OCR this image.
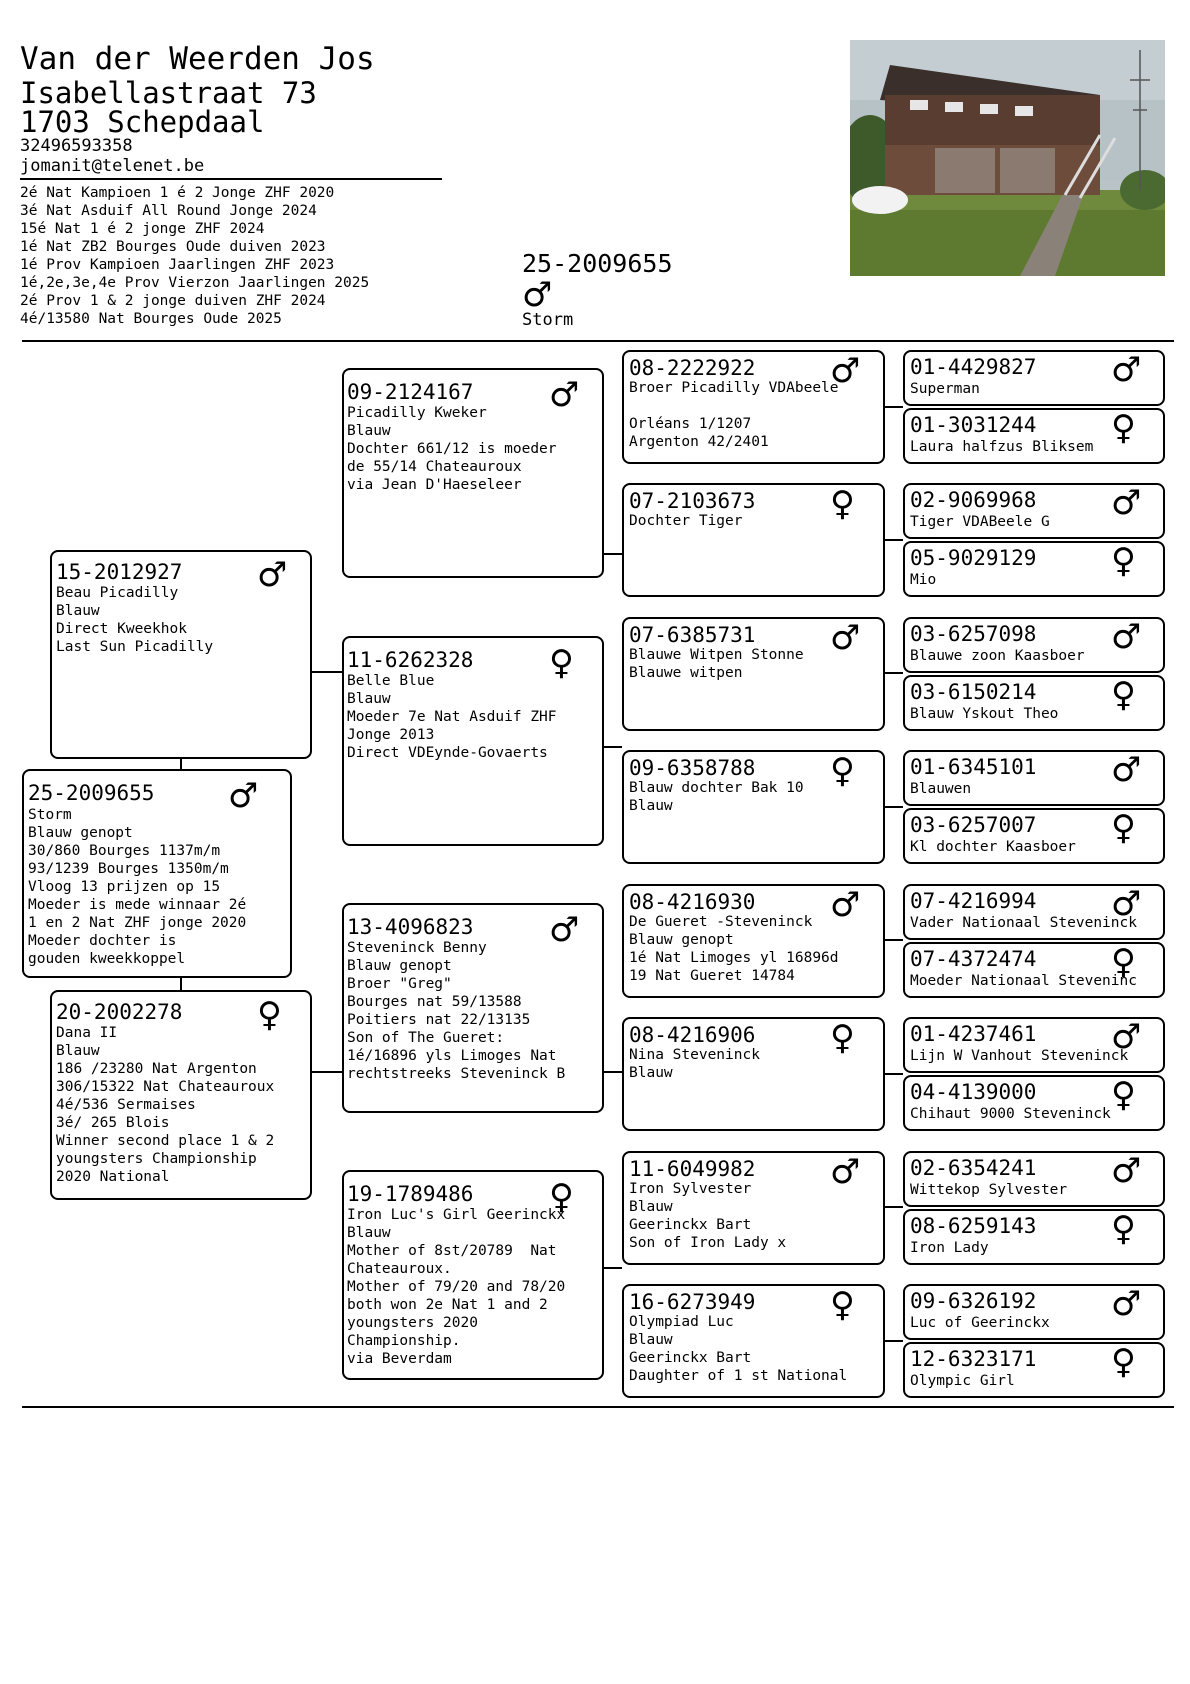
Van der Weerden Jos
Isabellastraat 73
1703 Schepdaal
32496593358
jomanit@telenet.be
2é Nat Kampioen 1 é 2 Jonge ZHF 2020
3é Nat Asduif All Round Jonge 2024
15é Nat 1 é 2 jonge ZHF 2024
1é Nat ZB2 Bourges Oude duiven 2023
1é Prov Kampioen Jaarlingen ZHF 2023
1é,2e,3e,4e Prov Vierzon Jaarlingen 2025
2é Prov 1 & 2 jonge duiven ZHF 2024
4é/13580 Nat Bourges Oude 2025
25-2009655
♂
Storm
25-2009655 ♂
Storm
Blauw genopt
30/860 Bourges 1137m/m
93/1239 Bourges 1350m/m
Vloog 13 prijzen op 15
Moeder is mede winnaar 2é
1 en 2 Nat ZHF jonge 2020
Moeder dochter is
gouden kweekkoppel
15-2012927 ♂
Beau Picadilly
Blauw
Direct Kweekhok
Last Sun Picadilly
20-2002278 ♀
Dana II
Blauw
186 /23280 Nat Argenton
306/15322 Nat Chateauroux
4é/536 Sermaises
3é/ 265 Blois
Winner second place 1 & 2
youngsters Championship
2020 National
09-2124167 ♂
Picadilly Kweker
Blauw
Dochter 661/12 is moeder
de 55/14 Chateauroux
via Jean D'Haeseleer
11-6262328 ♀
Belle Blue
Blauw
Moeder 7e Nat Asduif ZHF
Jonge 2013
Direct VDEynde-Govaerts
13-4096823 ♂
Steveninck Benny
Blauw genopt
Broer "Greg"
Bourges nat 59/13588
Poitiers nat 22/13135
Son of The Gueret:
1é/16896 yls Limoges Nat
rechtstreeks Steveninck B
19-1789486 ♀
Iron Luc's Girl Geerinckx
Blauw
Mother of 8st/20789  Nat
Chateauroux.
Mother of 79/20 and 78/20
both won 2e Nat 1 and 2
youngsters 2020
Championship.
via Beverdam
08-2222922 ♂
Broer Picadilly VDAbeele

Orléans 1/1207
Argenton 42/2401
07-2103673 ♀
Dochter Tiger
07-6385731 ♂
Blauwe Witpen Stonne
Blauwe witpen
09-6358788 ♀
Blauw dochter Bak 10
Blauw
08-4216930 ♂
De Gueret -Steveninck
Blauw genopt
1é Nat Limoges yl 16896d
19 Nat Gueret 14784
08-4216906 ♀
Nina Steveninck
Blauw
11-6049982 ♂
Iron Sylvester
Blauw
Geerinckx Bart
Son of Iron Lady x
16-6273949 ♀
Olympiad Luc
Blauw
Geerinckx Bart
Daughter of 1 st National
01-4429827 ♂
Superman
01-3031244 ♀
Laura halfzus Bliksem
02-9069968 ♂
Tiger VDABeele G
05-9029129 ♀
Mio
03-6257098 ♂
Blauwe zoon Kaasboer
03-6150214 ♀
Blauw Yskout Theo
01-6345101 ♂
Blauwen
03-6257007 ♀
Kl dochter Kaasboer
07-4216994 ♂
Vader Nationaal Steveninck
07-4372474 ♀
Moeder Nationaal Steveninc
01-4237461 ♂
Lijn W Vanhout Steveninck
04-4139000 ♀
Chihaut 9000 Steveninck
02-6354241 ♂
Wittekop Sylvester
08-6259143 ♀
Iron Lady
09-6326192 ♂
Luc of Geerinckx
12-6323171 ♀
Olympic Girl
